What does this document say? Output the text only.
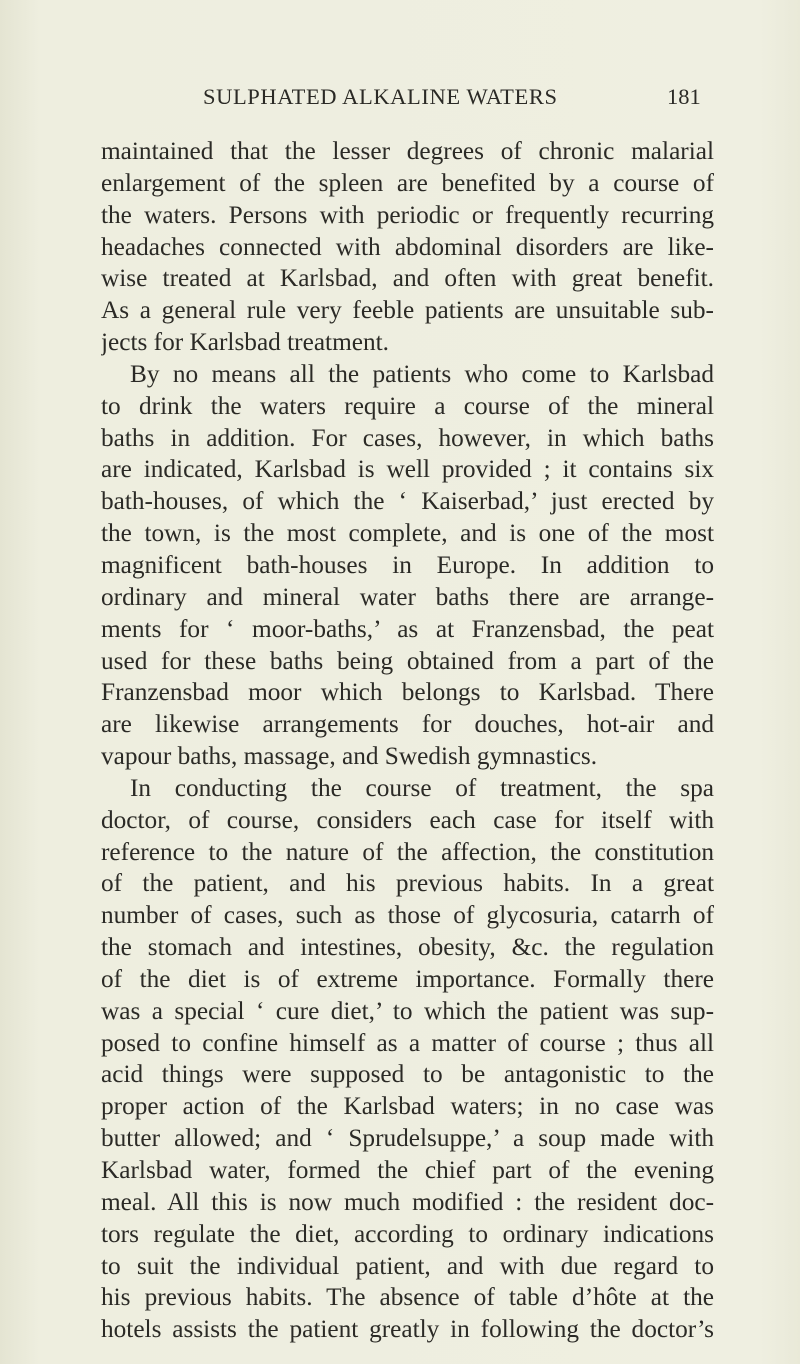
SULPHATED ALKALINE WATERS	181
maintained that the lesser degrees of chronic malarial
enlargement of the spleen are benefited by a course of
the waters. Persons with periodic or frequently recurring
headaches connected with abdominal disorders are like-
wise treated at Karlsbad, and often with great benefit.
As a general rule very feeble patients are unsuitable sub-
jects for Karlsbad treatment.
By no means all the patients who come to Karlsbad
to drink the waters require a course of the mineral
baths in addition. For cases, however, in which baths
are indicated, Karlsbad is well provided ; it contains six
bath-houses, of which the ‘ Kaiserbad,’ just erected by
the town, is the most complete, and is one of the most
magnificent bath-houses in Europe. In addition to
ordinary and mineral water baths there are arrange-
ments for ‘ moor-baths,’ as at Franzensbad, the peat
used for these baths being obtained from a part of the
Franzensbad moor which belongs to Karlsbad. There
are likewise arrangements for douches, hot-air and
vapour baths, massage, and Swedish gymnastics.
In conducting the course of treatment, the spa
doctor, of course, considers each case for itself with
reference to the nature of the affection, the constitution
of the patient, and his previous habits. In a great
number of cases, such as those of glycosuria, catarrh of
the stomach and intestines, obesity, &c. the regulation
of the diet is of extreme importance. Formally there
was a special ‘ cure diet,’ to which the patient was sup-
posed to confine himself as a matter of course ; thus all
acid things were supposed to be antagonistic to the
proper action of the Karlsbad waters; in no case was
butter allowed; and ‘ Sprudelsuppe,’ a soup made with
Karlsbad water, formed the chief part of the evening
meal. All this is now much modified : the resident doc-
tors regulate the diet, according to ordinary indications
to suit the individual patient, and with due regard to
his previous habits. The absence of table d’hôte at the
hotels assists the patient greatly in following the doctor’s
